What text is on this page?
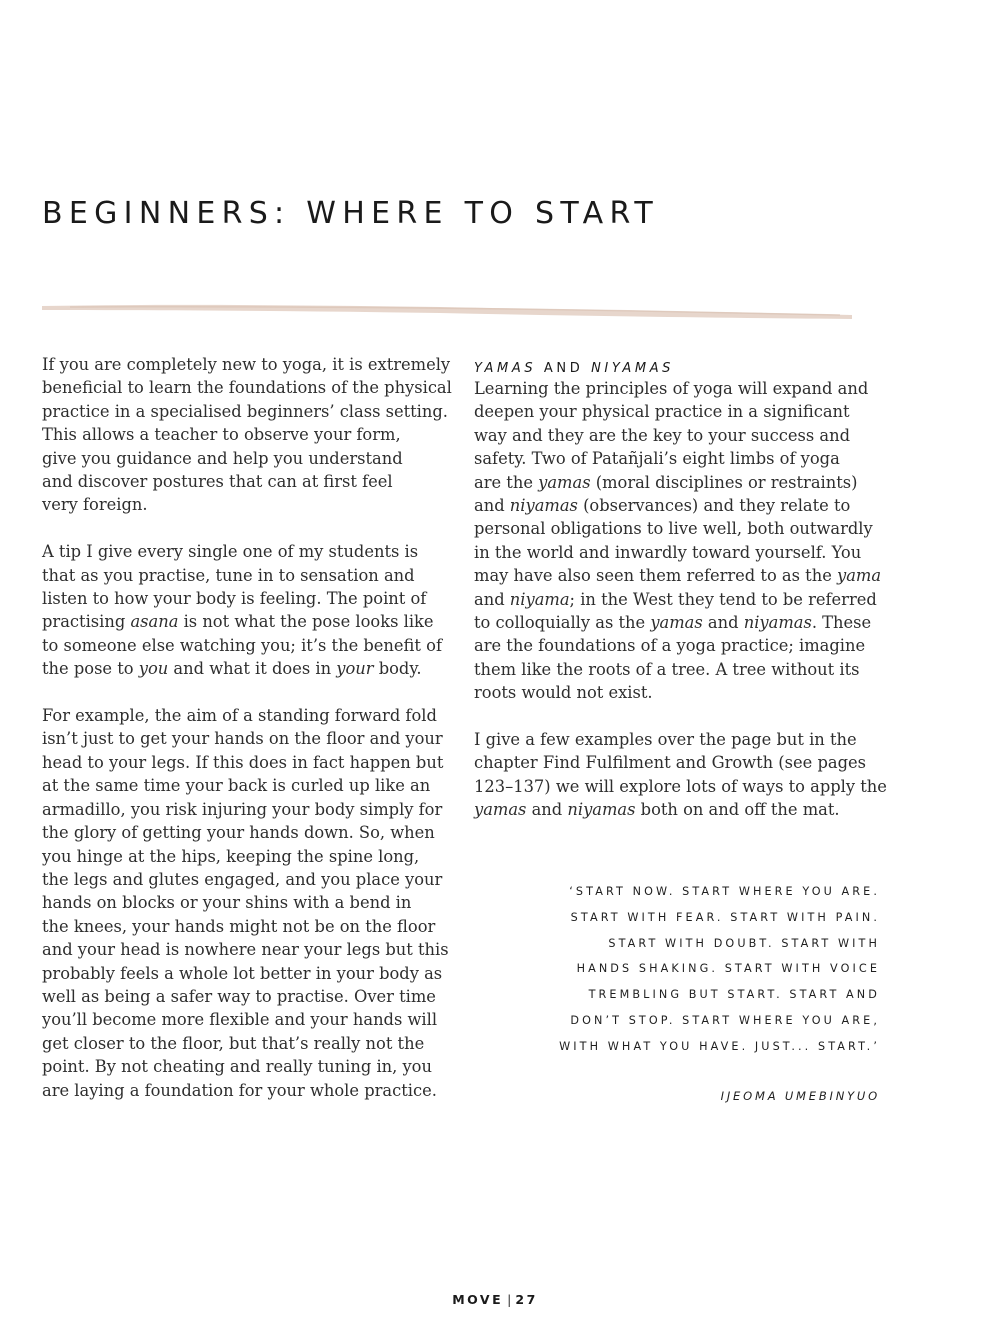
BEGINNERS: WHERE TO START
If you are completely new to yoga, it is extremely
beneficial to learn the foundations of the physical
practice in a specialised beginners’ class setting.
This allows a teacher to observe your form,
give you guidance and help you understand
and discover postures that can at first feel
very foreign.
A tip I give every single one of my students is
that as you practise, tune in to sensation and
listen to how your body is feeling. The point of
practising asana is not what the pose looks like
to someone else watching you; it’s the benefit of
the pose to you and what it does in your body.
For example, the aim of a standing forward fold
isn’t just to get your hands on the floor and your
head to your legs. If this does in fact happen but
at the same time your back is curled up like an
armadillo, you risk injuring your body simply for
the glory of getting your hands down. So, when
you hinge at the hips, keeping the spine long,
the legs and glutes engaged, and you place your
hands on blocks or your shins with a bend in
the knees, your hands might not be on the floor
and your head is nowhere near your legs but this
probably feels a whole lot better in your body as
well as being a safer way to practise. Over time
you’ll become more flexible and your hands will
get closer to the floor, but that’s really not the
point. By not cheating and really tuning in, you
are laying a foundation for your whole practice.
YAMAS AND NIYAMAS
Learning the principles of yoga will expand and
deepen your physical practice in a significant
way and they are the key to your success and
safety. Two of Patañjali’s eight limbs of yoga
are the yamas (moral disciplines or restraints)
and niyamas (observances) and they relate to
personal obligations to live well, both outwardly
in the world and inwardly toward yourself. You
may have also seen them referred to as the yama
and niyama; in the West they tend to be referred
to colloquially as the yamas and niyamas. These
are the foundations of a yoga practice; imagine
them like the roots of a tree. A tree without its
roots would not exist.
I give a few examples over the page but in the
chapter Find Fulfilment and Growth (see pages
123–137) we will explore lots of ways to apply the
yamas and niyamas both on and off the mat.
‘START NOW. START WHERE YOU ARE.
START WITH FEAR. START WITH PAIN.
START WITH DOUBT. START WITH
HANDS SHAKING. START WITH VOICE
TREMBLING BUT START. START AND
DON’T STOP. START WHERE YOU ARE,
WITH WHAT YOU HAVE. JUST... START.’
IJEOMA UMEBINYUO
MOVE | 27
